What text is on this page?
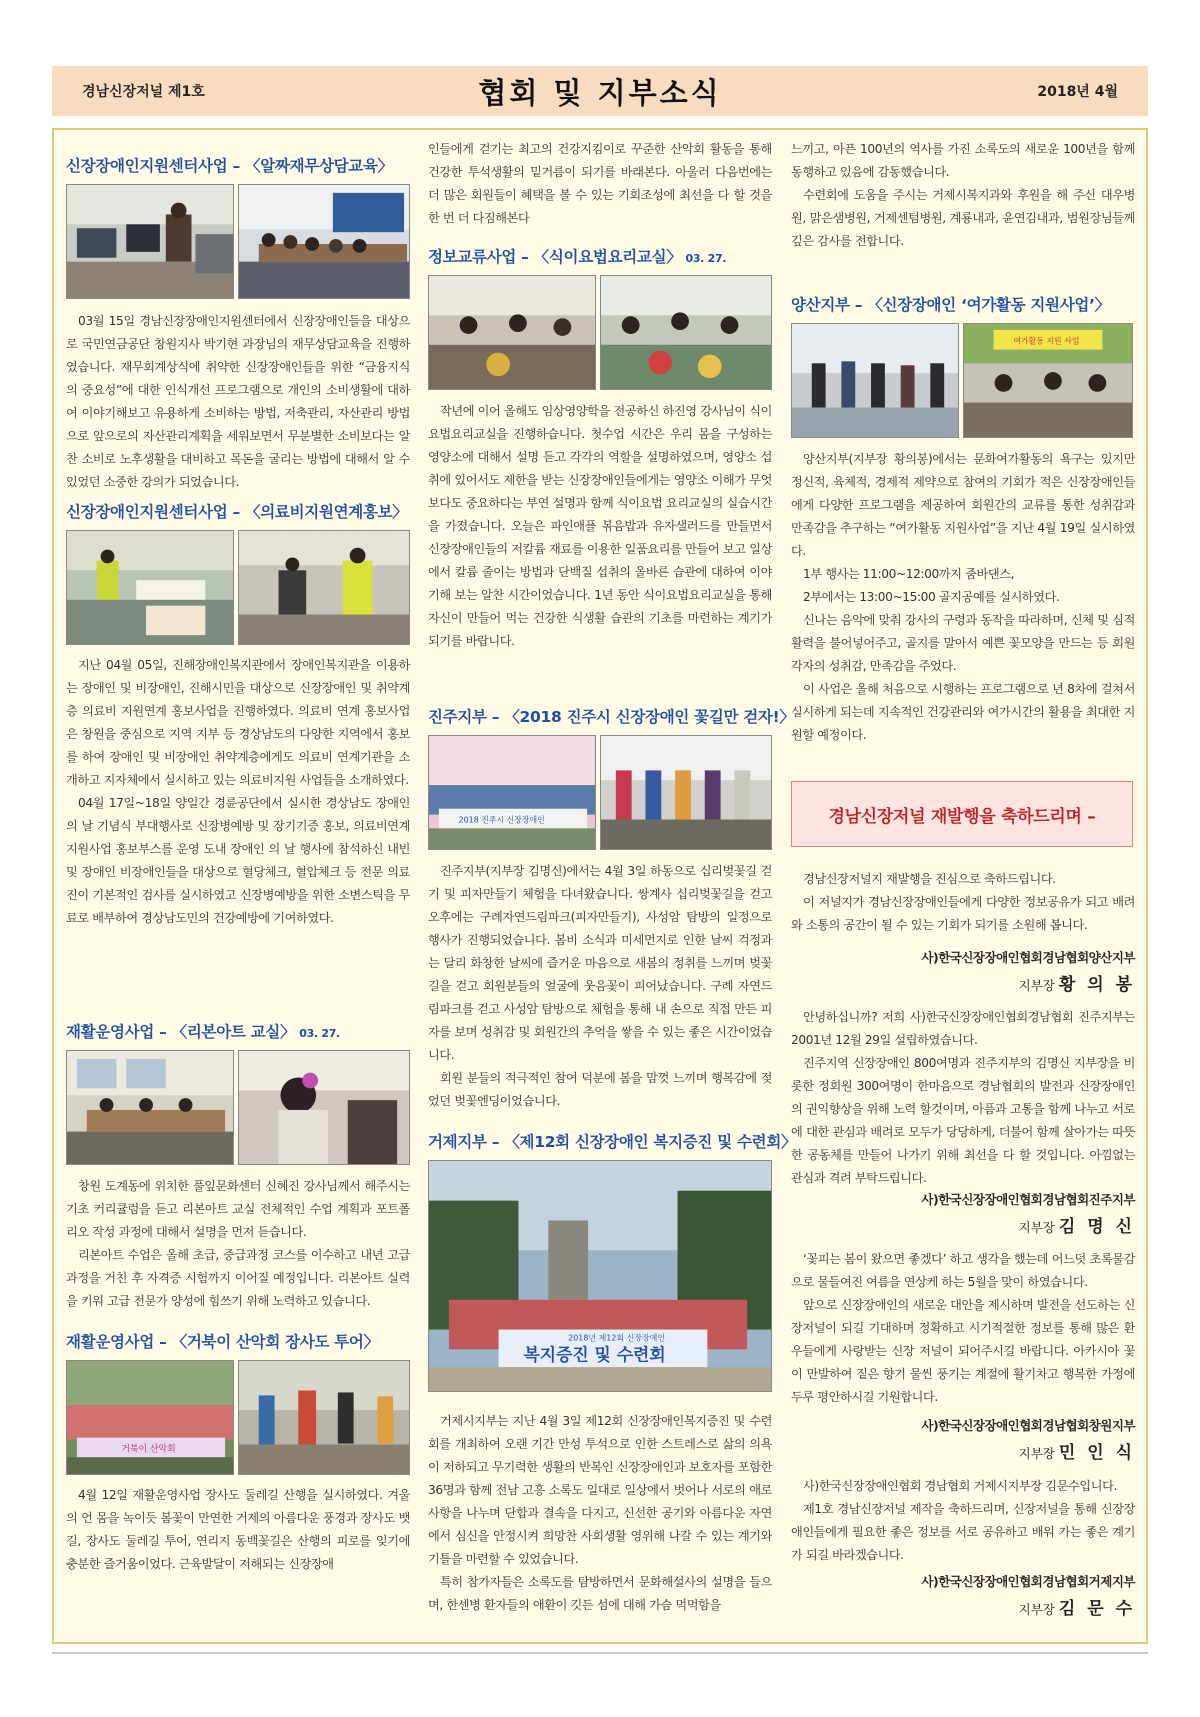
경남신장저널 제1호	협회 및 지부소식	2018년 4월
신장장애인지원센터사업 – 〈알짜재무상담교육〉

03월 15일 경남신장장애인지원센터에서 신장장애인들을 대상으로 국민연금공단 창원지사 박기현 과장님의 재무상담교육을 진행하였습니다. 재무회계상식에 취약한 신장장애인들을 위한 “금융지식의 중요성”에 대한 인식개선 프로그램으로 개인의 소비생활에 대하여 이야기해보고 유용하게 소비하는 방법, 저축관리, 자산관리 방법으로 앞으로의 자산관리계획을 세워보면서 무분별한 소비보다는 알찬 소비로 노후생활을 대비하고 목돈을 굴리는 방법에 대해서 알 수 있었던 소중한 강의가 되었습니다.

신장장애인지원센터사업 – 〈의료비지원연계홍보〉

지난 04월 05일, 진해장애인복지관에서 장애인복지관을 이용하는 장애인 및 비장애인, 진해시민을 대상으로 신장장애인 및 취약계층 의료비 지원연계 홍보사업을 진행하였다. 의료비 연계 홍보사업은 창원을 중심으로 지역 지부 등 경상남도의 다양한 지역에서 홍보를 하여 장애인 및 비장애인 취약계층에게도 의료비 연계기관을 소개하고 지자체에서 실시하고 있는 의료비지원 사업들을 소개하였다.

04월 17일~18일 양일간 경륜공단에서 실시한 경상남도 장애인의 날 기념식 부대행사로 신장병예방 및 장기기증 홍보, 의료비연계지원사업 홍보부스를 운영 도내 장애인 의 날 행사에 참석하신 내빈 및 장애인 비장애인들을 대상으로 혈당체크, 혈압체크 등 전문 의료진이 기본적인 검사를 실시하였고 신장병예방을 위한 소변스틱을 무료로 배부하여 경상남도민의 건강예방에 기여하였다.

재활운영사업 – 〈리본아트 교실〉 03. 27.

창원 도계동에 위치한 풀잎문화센터 신혜진 강사님께서 해주시는 기초 커리큘럼을 듣고 리본아트 교실 전체적인 수업 계획과 포트폴리오 작성 과정에 대해서 설명을 먼저 듣습니다.

리본아트 수업은 올해 초급, 중급과정 코스를 이수하고 내년 고급과정을 거친 후 자격증 시험까지 이어질 예정입니다. 리본아트 실력을 키워 고급 전문가 양성에 힘쓰기 위해 노력하고 있습니다.

재활운영사업 – 〈거북이 산악회 장사도 투어〉
거북이 산악회

4월 12일 재활운영사업 장사도 둘레길 산행을 실시하였다. 겨울의 언 몸을 녹이듯 봄꽃이 만연한 거제의 아름다운 풍경과 장사도 뱃길, 장사도 둘레길 투어, 연리지 동백꽃길은 산행의 피로를 잊기에 충분한 즐거움이었다. 근육발달이 저해되는 신장장애

인들에게 걷기는 최고의 건강지킴이로 꾸준한 산악회 활동을 통해 건강한 투석생활의 밑거름이 되기를 바래본다. 아울러 다음번에는 더 많은 회원들이 혜택을 볼 수 있는 기회조성에 최선을 다 할 것을 한 번 더 다짐해본다

정보교류사업 – 〈식이요법요리교실〉 03. 27.

작년에 이어 올해도 임상영양학을 전공하신 하진영 강사님이 식이요법요리교실을 진행하습니다. 첫수업 시간은 우리 몸을 구성하는 영양소에 대해서 설명 듣고 각각의 역할을 설명하였으며, 영양소 섭취에 있어서도 제한을 받는 신장장애인들에게는 영양소 이해가 무엇보다도 중요하다는 부연 설명과 함께 식이요법 요리교실의 실습시간을 가졌습니다. 오늘은 파인애플 볶음밥과 유자샐러드를 만들면서 신장장애인들의 저칼륨 재료를 이용한 일품요리를 만들어 보고 일상에서 칼륨 줄이는 방법과 단백질 섭취의 올바른 습관에 대하여 이야기해 보는 알찬 시간이었습니다. 1년 동안 식이요법요리교실을 통해 자신이 만들어 먹는 건강한 식생활 습관의 기초를 마련하는 계기가 되기를 바랍니다.

진주지부 – 〈2018 진주시 신장장애인 꽃길만 걷자!〉
2018 진주시 신장장애인

진주지부(지부장 김명신)에서는 4월 3일 하동으로 십리벚꽃길 걷기 및 피자만들기 체험을 다녀왔습니다. 쌍계사 십리벚꽃길을 걷고 오후에는 구례자연드림파크(피자만들기), 사성암 탐방의 일정으로 행사가 진행되었습니다. 봄비 소식과 미세먼지로 인한 날씨 걱정과는 달리 화창한 날씨에 즐거운 마음으로 새봄의 정취를 느끼며 벚꽃길을 걷고 회원분들의 얼굴에 웃음꽃이 피어났습니다. 구례 자연드림파크를 걷고 사성암 탐방으로 체험을 통해 내 손으로 직접 만든 피자를 보며 성취감 및 회원간의 추억을 쌓을 수 있는 좋은 시간이었습니다.

회원 분들의 적극적인 참여 덕분에 봄을 맘껏 느끼며 행복감에 젖었던 벚꽃엔딩이었습니다.

거제지부 – 〈제12회 신장장애인 복지증진 및 수련회〉
2018년 제12회 신장장애인
복지증진 및 수련회

거제시지부는 지난 4월 3일 제12회 신장장애인복지증진 및 수련회를 개최하여 오랜 기간 만성 투석으로 인한 스트레스로 삶의 의욕이 저하되고 무기력한 생활의 반복인 신장장애인과 보호자를 포함한 36명과 함께 전남 고흥 소록도 일대로 일상에서 벗어나 서로의 애로사항을 나누며 단합과 결속을 다지고, 신선한 공기와 아름다운 자연에서 심신을 안정시켜 희망찬 사회생활 영위해 나갈 수 있는 계기와 기틀을 마련할 수 있었습니다.

특히 참가자들은 소록도를 탐방하면서 문화해설사의 설명을 들으며, 한센병 환자들의 애환이 깃든 섬에 대해 가슴 먹먹함을

느끼고, 아픈 100년의 역사를 가진 소록도의 새로운 100년을 함께 동행하고 있음에 감동했습니다.

수련회에 도움을 주시는 거제시복지과와 후원을 해 주신 대우병원, 맑은샘병원, 거제센텀병원, 계룡내과, 윤연김내과, 범원장님들께 깊은 감사를 전합니다.

양산지부 – 〈신장장애인 ‘여가활동 지원사업’〉
여가활동 지원 사업

양산지부(지부장 황의봉)에서는 문화여가활동의 욕구는 있지만 정신적, 육체적, 경제적 제약으로 참여의 기회가 적은 신장장애인들에게 다양한 프로그램을 제공하여 회원간의 교류를 통한 성취감과 만족감을 추구하는 “여가활동 지원사업”을 지난 4월 19일 실시하였다.

1부 행사는 11:00~12:00까지 줌바댄스,

2부에서는 13:00~15:00 골지공예를 실시하였다.

신나는 음악에 맞춰 강사의 구령과 동작을 따라하며, 신체 및 심적 활력을 불어넣어주고, 골지를 말아서 예쁜 꽃모양을 만드는 등 회원 각자의 성취감, 만족감을 주었다.

이 사업은 올해 처음으로 시행하는 프로그램으로 년 8차에 걸쳐서 실시하게 되는데 지속적인 건강관리와 여가시간의 활용을 최대한 지원할 예정이다.

경남신장저널 재발행을 축하드리며 –

경남신장저널지 재발행을 진심으로 축하드립니다.

이 저널지가 경남신장장애인들에게 다양한 정보공유가 되고 배려와 소통의 공간이 될 수 있는 기회가 되기를 소원해 봅니다.

사)한국신장장애인협회경남협회양산지부
지부장 황 의 봉

안녕하십니까? 저희 사)한국신장장애인협회경남협회 진주지부는 2001년 12월 29일 설립하였습니다.

진주지역 신장장애인 800여명과 진주지부의 김명신 지부장을 비롯한 정회원 300여명이 한마음으로 경남협회의 발전과 신장장애인의 권익향상을 위해 노력 할것이며, 아픔과 고통을 함께 나누고 서로에 대한 관심과 배려로 모두가 당당하게, 더불어 함께 살아가는 따뜻한 공동체를 만들어 나가기 위해 최선을 다 할 것입니다. 아낌없는 관심과 격려 부탁드립니다.

사)한국신장장애인협회경남협회진주지부
지부장 김 명 신

‘꽃피는 봄이 왔으면 좋겠다’ 하고 생각을 했는데 어느덧 초록물감으로 물들여진 여름을 연상케 하는 5월을 맞이 하였습니다.

앞으로 신장장애인의 새로운 대안을 제시하며 발전을 선도하는 신장저널이 되길 기대하며 정확하고 시기적절한 정보를 통해 많은 환우들에게 사랑받는 신장 저널이 되어주시길 바랍니다. 아카시아 꽃이 만발하여 짙은 향기 물씬 풍기는 계절에 활기차고 행복한 가정에 두루 평안하시길 기원합니다.

사)한국신장장애인협회경남협회창원지부
지부장 민 인 식

사)한국신장장애인협회 경남협회 거제시지부장 김문수입니다.

제1호 경남신장저널 제작을 축하드리며, 신장저널을 통해 신장장애인들에게 필요한 좋은 정보를 서로 공유하고 배워 가는 좋은 계기가 되길 바라겠습니다.

사)한국신장장애인협회경남협회거제지부
지부장 김 문 수
